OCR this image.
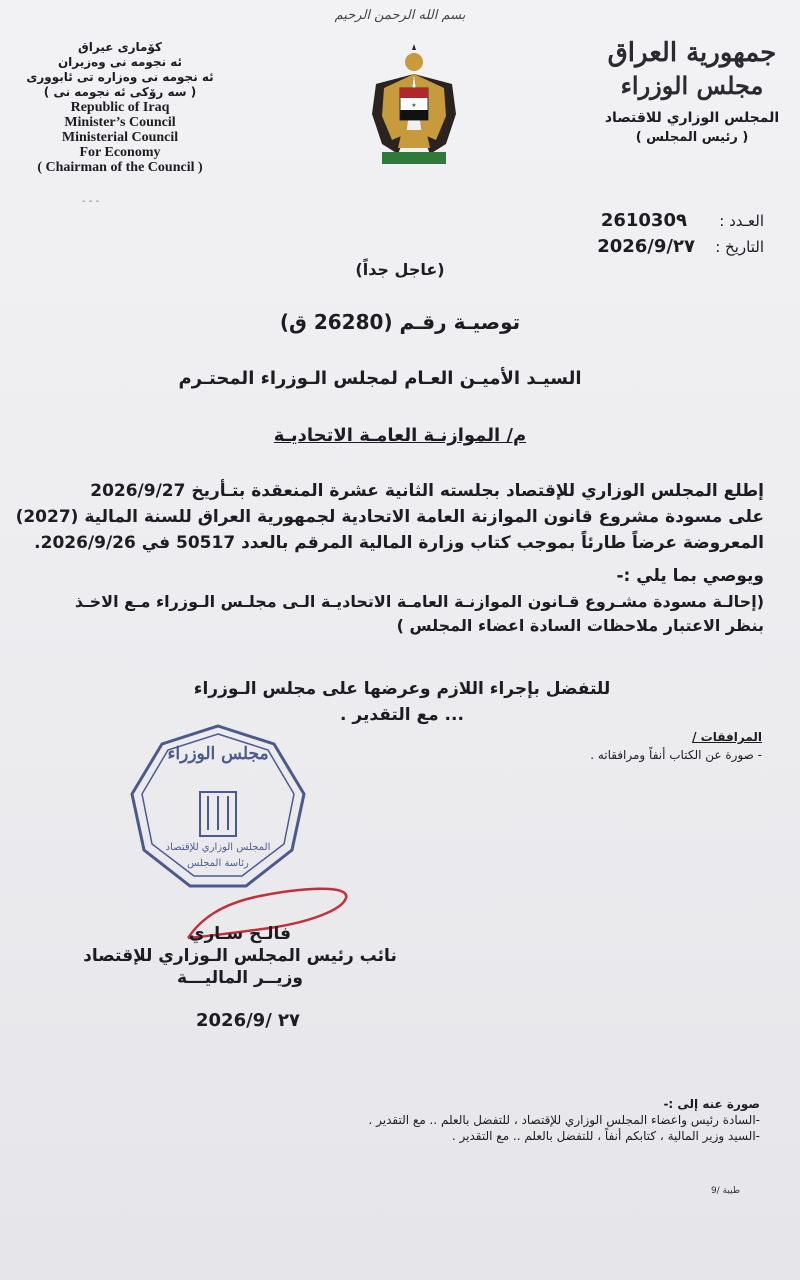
بسم الله الرحمن الرحيم
كۆمارى عيراق
ئه نجومه نى وه‌زيران
ئه نجومه نى وه‌زاره تى ئابوورى
( سه رۆكى ئه نجومه نى )
Republic of Iraq
Minister’s Council
Ministerial Council
For Economy
( Chairman of the Council )
- - -
★
جمهورية العراق
مجلس الوزراء
المجلس الوزاري للاقتصاد
( رئيس المجلس )
العـدد : 261030٩
التاريخ : 2026/9/٢٧
(عاجل جداً)
توصيـة رقـم (26280 ق)
السيـد الأميـن العـام لمجلس الـوزراء المحتـرم
م/ الموازنـة العامـة الاتحاديـة
إطلع المجلس الوزاري للإقتصاد بجلسته الثانية عشرة المنعقدة بتـأريخ 2026/9/27
على مسودة مشروع قانون الموازنة العامة الاتحادية لجمهورية العراق للسنة المالية (2027)
المعروضة عرضاً طارئاً بموجب كتاب وزارة المالية المرقم بالعدد 50517 في 2026/9/26.
ويوصي بما يلي :-
(إحالـة مسودة مشـروع قـانون الموازنـة العامـة الاتحاديـة الـى مجلـس الـوزراء مـع الاخـذ
بنظر الاعتبار ملاحظات السادة اعضاء المجلس )
للتفضل بإجراء اللازم وعرضها على مجلس الـوزراء
... مع التقدير .
المرافقات /
- صورة عن الكتاب أنفاً ومرافقاته .
مجلس الوزراء
المجلس الوزاري للإقتصاد
رئاسة المجلس
فالـح سـاري
نائب رئيس المجلس الـوزاري للإقتصاد
وزيــر الماليـــة
2026/9/ ٢٧
صورة عنه إلى :-
-السادة رئيس واعضاء المجلس الوزاري للإقتصاد ، للتفضل بالعلم .. مع التقدير .
-السيد وزير المالية ، كتابكم أنفاً ، للتفضل بالعلم .. مع التقدير .
طيبة /9
